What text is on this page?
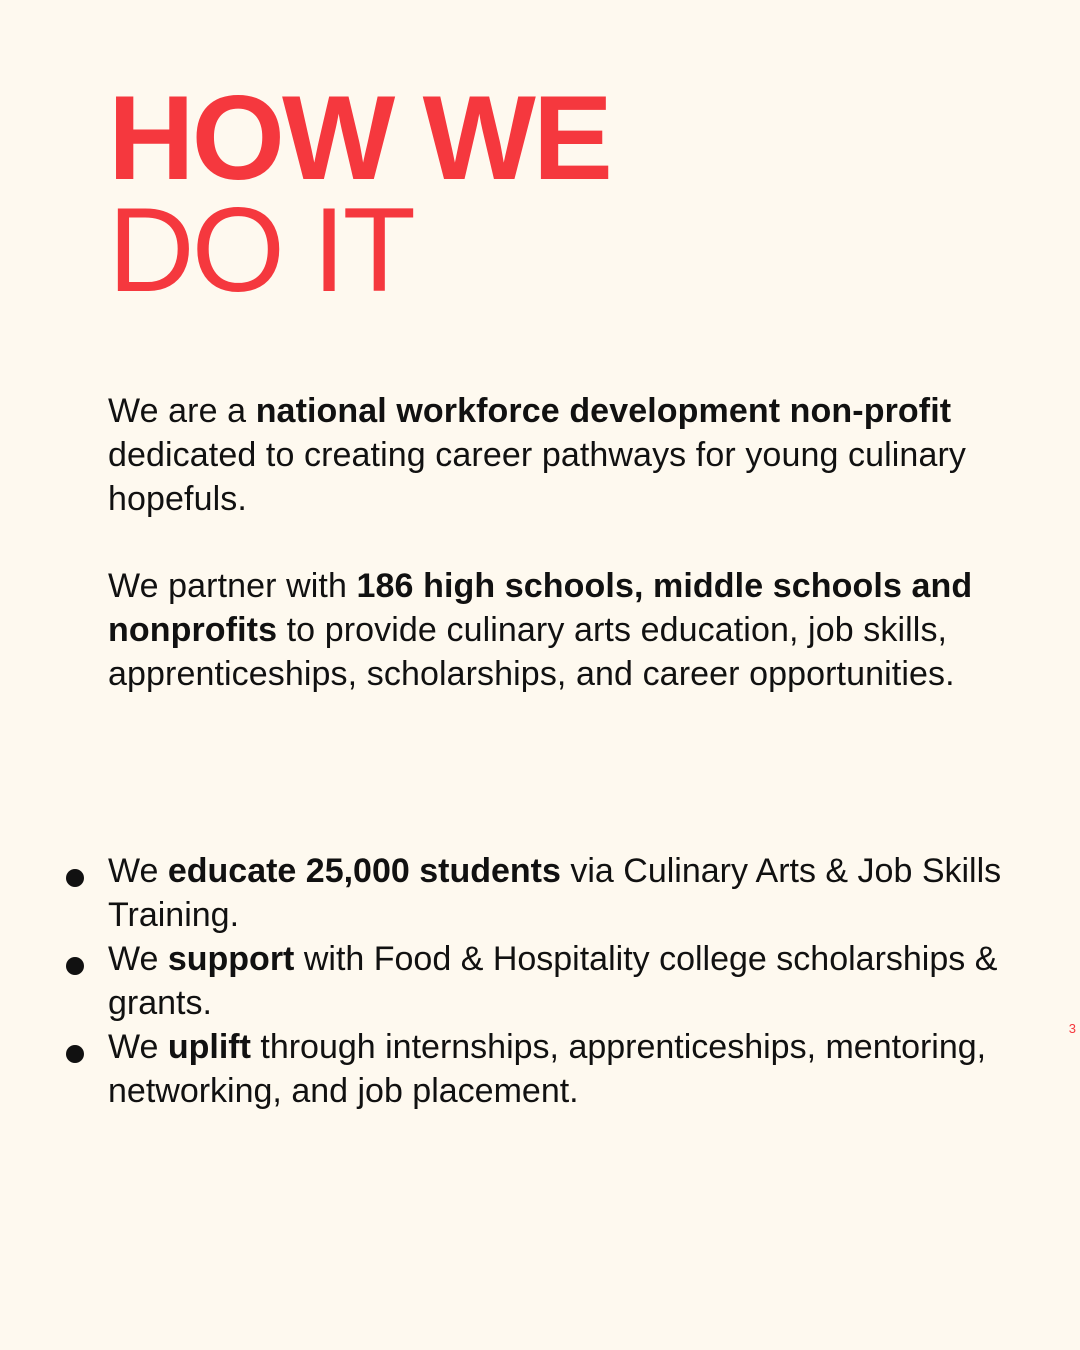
HOW WE
DO IT

We are a national workforce development non-profit dedicated to creating career pathways for young culinary hopefuls.

We partner with 186 high schools, middle schools and nonprofits to provide culinary arts education, job skills, apprenticeships, scholarships, and career opportunities.

We educate 25,000 students via Culinary Arts & Job Skills Training.
We support with Food & Hospitality college scholarships & grants.
We uplift through internships, apprenticeships, mentoring, networking, and job placement.
3
